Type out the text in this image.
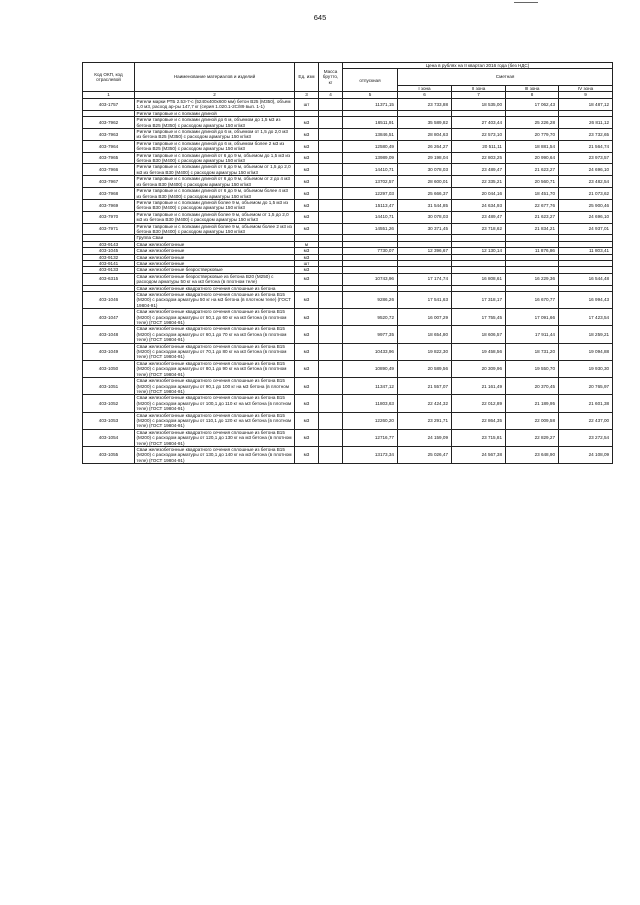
645
Код ОКП, код отраслевой	Наименование материалов и изделий	Ед. изм	Масса брутто, кг	Цена в рублях на II квартал 2016 года (без НДС)				
				отпускная	Сметная			
					I зона	II зона	III зона	IV зона
1	2	3	4	5	6	7	8	9
403-1757	Ригели марки РТБ 2.53-7-с (5240х400х600 мм) бетон В25 (М350), объем 1,0 м3, расход ар-ры 147,7 кг (серия 1.020.1-2С/89 вып. 1-1)	шт		11371,15	23 733,88	18 535,00	17 062,43	18 487,12
	Ригели тавровые и с полками длиной							
403-7962	Ригели тавровые и с полками длиной до 6 м, объемом до 1,5 м3 из бетона В25 (М350) с расходом арматуры 150 кг/м3	м3		16511,91	35 589,82	27 403,44	25 226,28	26 811,12
403-7963	Ригели тавровые и с полками длиной до 6 м, объемом от 1,5 до 2,0 м3 из бетона В25 (М350) с расходом арматуры 150 кг/м3	м3		13846,51	28 804,63	22 573,10	20 779,70	23 732,65
403-7964	Ригели тавровые и с полками длиной до 6 м, объемом более 2 м3 из бетона В25 (М350) с расходом арматуры 150 кг/м3	м3		12580,49	26 264,27	20 511,11	18 881,54	21 564,74
403-7965	Ригели тавровые и с полками длиной от 6 до 9 м, объемом до 1,5 м3 из бетона В30 (М400) с расходом арматуры 150 кг/м3	м3		13989,09	29 198,04	22 803,25	20 990,64	23 973,57
403-7966	Ригели тавровые и с полками длиной от 6 до 9 м, объемом от 1,5 до 2,0 м3 из бетона В30 (М400) с расходом арматуры 150 кг/м3	м3		14410,71	30 078,03	23 489,47	21 623,27	24 696,10
403-7967	Ригели тавровые и с полками длиной от 6 до 9 м, объемом от 2 до 4 м3 из бетона В30 (М400) с расходом арматуры 150 кг/м3	м3		13702,57	28 600,01	22 335,21	20 560,71	23 482,54
403-7968	Ригели тавровые и с полками длиной от 6 до 9 м, объемом более 4 м3 из бетона В30 (М400) с расходом арматуры 150 кг/м3	м3		12297,03	25 666,37	20 044,16	18 451,70	21 073,62
403-7969	Ригели тавровые и с полками длиной более 9 м, объемом до 1,5 м3 из бетона В30 (М400) с расходом арматуры 150 кг/м3	м3		15113,47	31 544,85	24 634,93	22 677,76	25 900,46
403-7970	Ригели тавровые и с полками длиной более 9 м, объемом от 1,5 до 2,0 м3 из бетона В30 (М400) с расходом арматуры 150 кг/м3	м3		14410,71	30 078,03	23 489,47	21 623,27	24 696,10
403-7971	Ригели тавровые и с полками длиной более 9 м, объемом более 2 м3 из бетона В30 (М400) с расходом арматуры 150 кг/м3	м3		14551,26	30 371,45	23 718,62	21 834,21	24 937,01
	Группа Сваи							
403-9143	Сваи железобетонные	м						
403-1045	Сваи железобетонные	м3		7730,07	12 396,67	12 130,14	11 876,86	11 803,41
403-9132	Сваи железобетонные	м3						
403-9141	Сваи железобетонные	шт						
403-9133	Сваи железобетонные безростверковые	м3						
403-6315	Сваи железобетонные безростверковые из бетона В20 (М250) с расходом арматуры 50 кг на м3 бетона (в плотном теле)	м3		10743,96	17 174,74	16 808,61	16 229,36	16 544,48
	Сваи железобетонные квадратного сечения сплошные из бетона							
403-1046	Сваи железобетонные квадратного сечения сплошные из бетона В15 (М200) с расходом арматуры 50 кг на м3 бетона (в плотном теле) (ГОСТ 19804-91)	м3		9286,26	17 541,63	17 318,17	16 670,77	16 994,43
403-1047	Сваи железобетонные квадратного сечения сплошные из бетона В15 (М200) с расходом арматуры от 50,1 до 60 кг на м3 бетона (в плотном теле) (ГОСТ 19804-91)	м3		9520,72	16 007,29	17 755,45	17 091,66	17 423,54
403-1048	Сваи железобетонные квадратного сечения сплошные из бетона В15 (М200) с расходом арматуры от 60,1 до 70 кг на м3 бетона (в плотном теле) (ГОСТ 19804-91)	м3		9977,35	18 654,80	18 606,57	17 911,44	18 259,21
403-1049	Сваи железобетонные квадратного сечения сплошные из бетона В15 (М200) с расходом арматуры от 70,1 до 80 кг на м3 бетона (в плотном теле) (ГОСТ 19804-91)	м3		10433,96	19 822,30	19 458,56	18 731,20	19 094,88
403-1050	Сваи железобетонные квадратного сечения сплошные из бетона В15 (М200) с расходом арматуры от 80,1 до 90 кг на м3 бетона (в плотном теле) (ГОСТ 19804-91)	м3		10890,49	20 589,56	20 309,96	19 550,70	19 930,30
403-1051	Сваи железобетонные квадратного сечения сплошные из бетона В15 (М200) с расходом арматуры от 90,1 до 100 кг на м3 бетона (в плотном теле) (ГОСТ 19804-91)	м3		11347,12	21 557,07	21 161,49	20 370,45	20 765,97
403-1052	Сваи железобетонные квадратного сечения сплошные из бетона В15 (М200) с расходом арматуры от 100,1 до 110 кг на м3 бетона (в плотном теле) (ГОСТ 19804-91)	м3		11803,63	22 424,32	22 012,89	21 189,95	21 601,38
403-1053	Сваи железобетонные квадратного сечения сплошные из бетона В15 (М200) с расходом арматуры от 110,1 до 120 кг на м3 бетона (в плотном теле) (ГОСТ 19804-91)	м3		12260,20	23 291,71	22 864,35	22 009,58	22 437,00
403-1054	Сваи железобетонные квадратного сечения сплошные из бетона В15 (М200) с расходом арматуры от 120,1 до 130 кг на м3 бетона (в плотном теле) (ГОСТ 19804-91)	м3		12716,77	24 159,09	23 715,81	22 829,27	23 272,54
403-1055	Сваи железобетонные квадратного сечения сплошные из бетона В15 (М200) с расходом арматуры от 130,1 до 140 кг на м3 бетона (в плотном теле) (ГОСТ 19804-91)	м3		13173,34	25 026,47	24 567,38	23 648,90	24 108,09
